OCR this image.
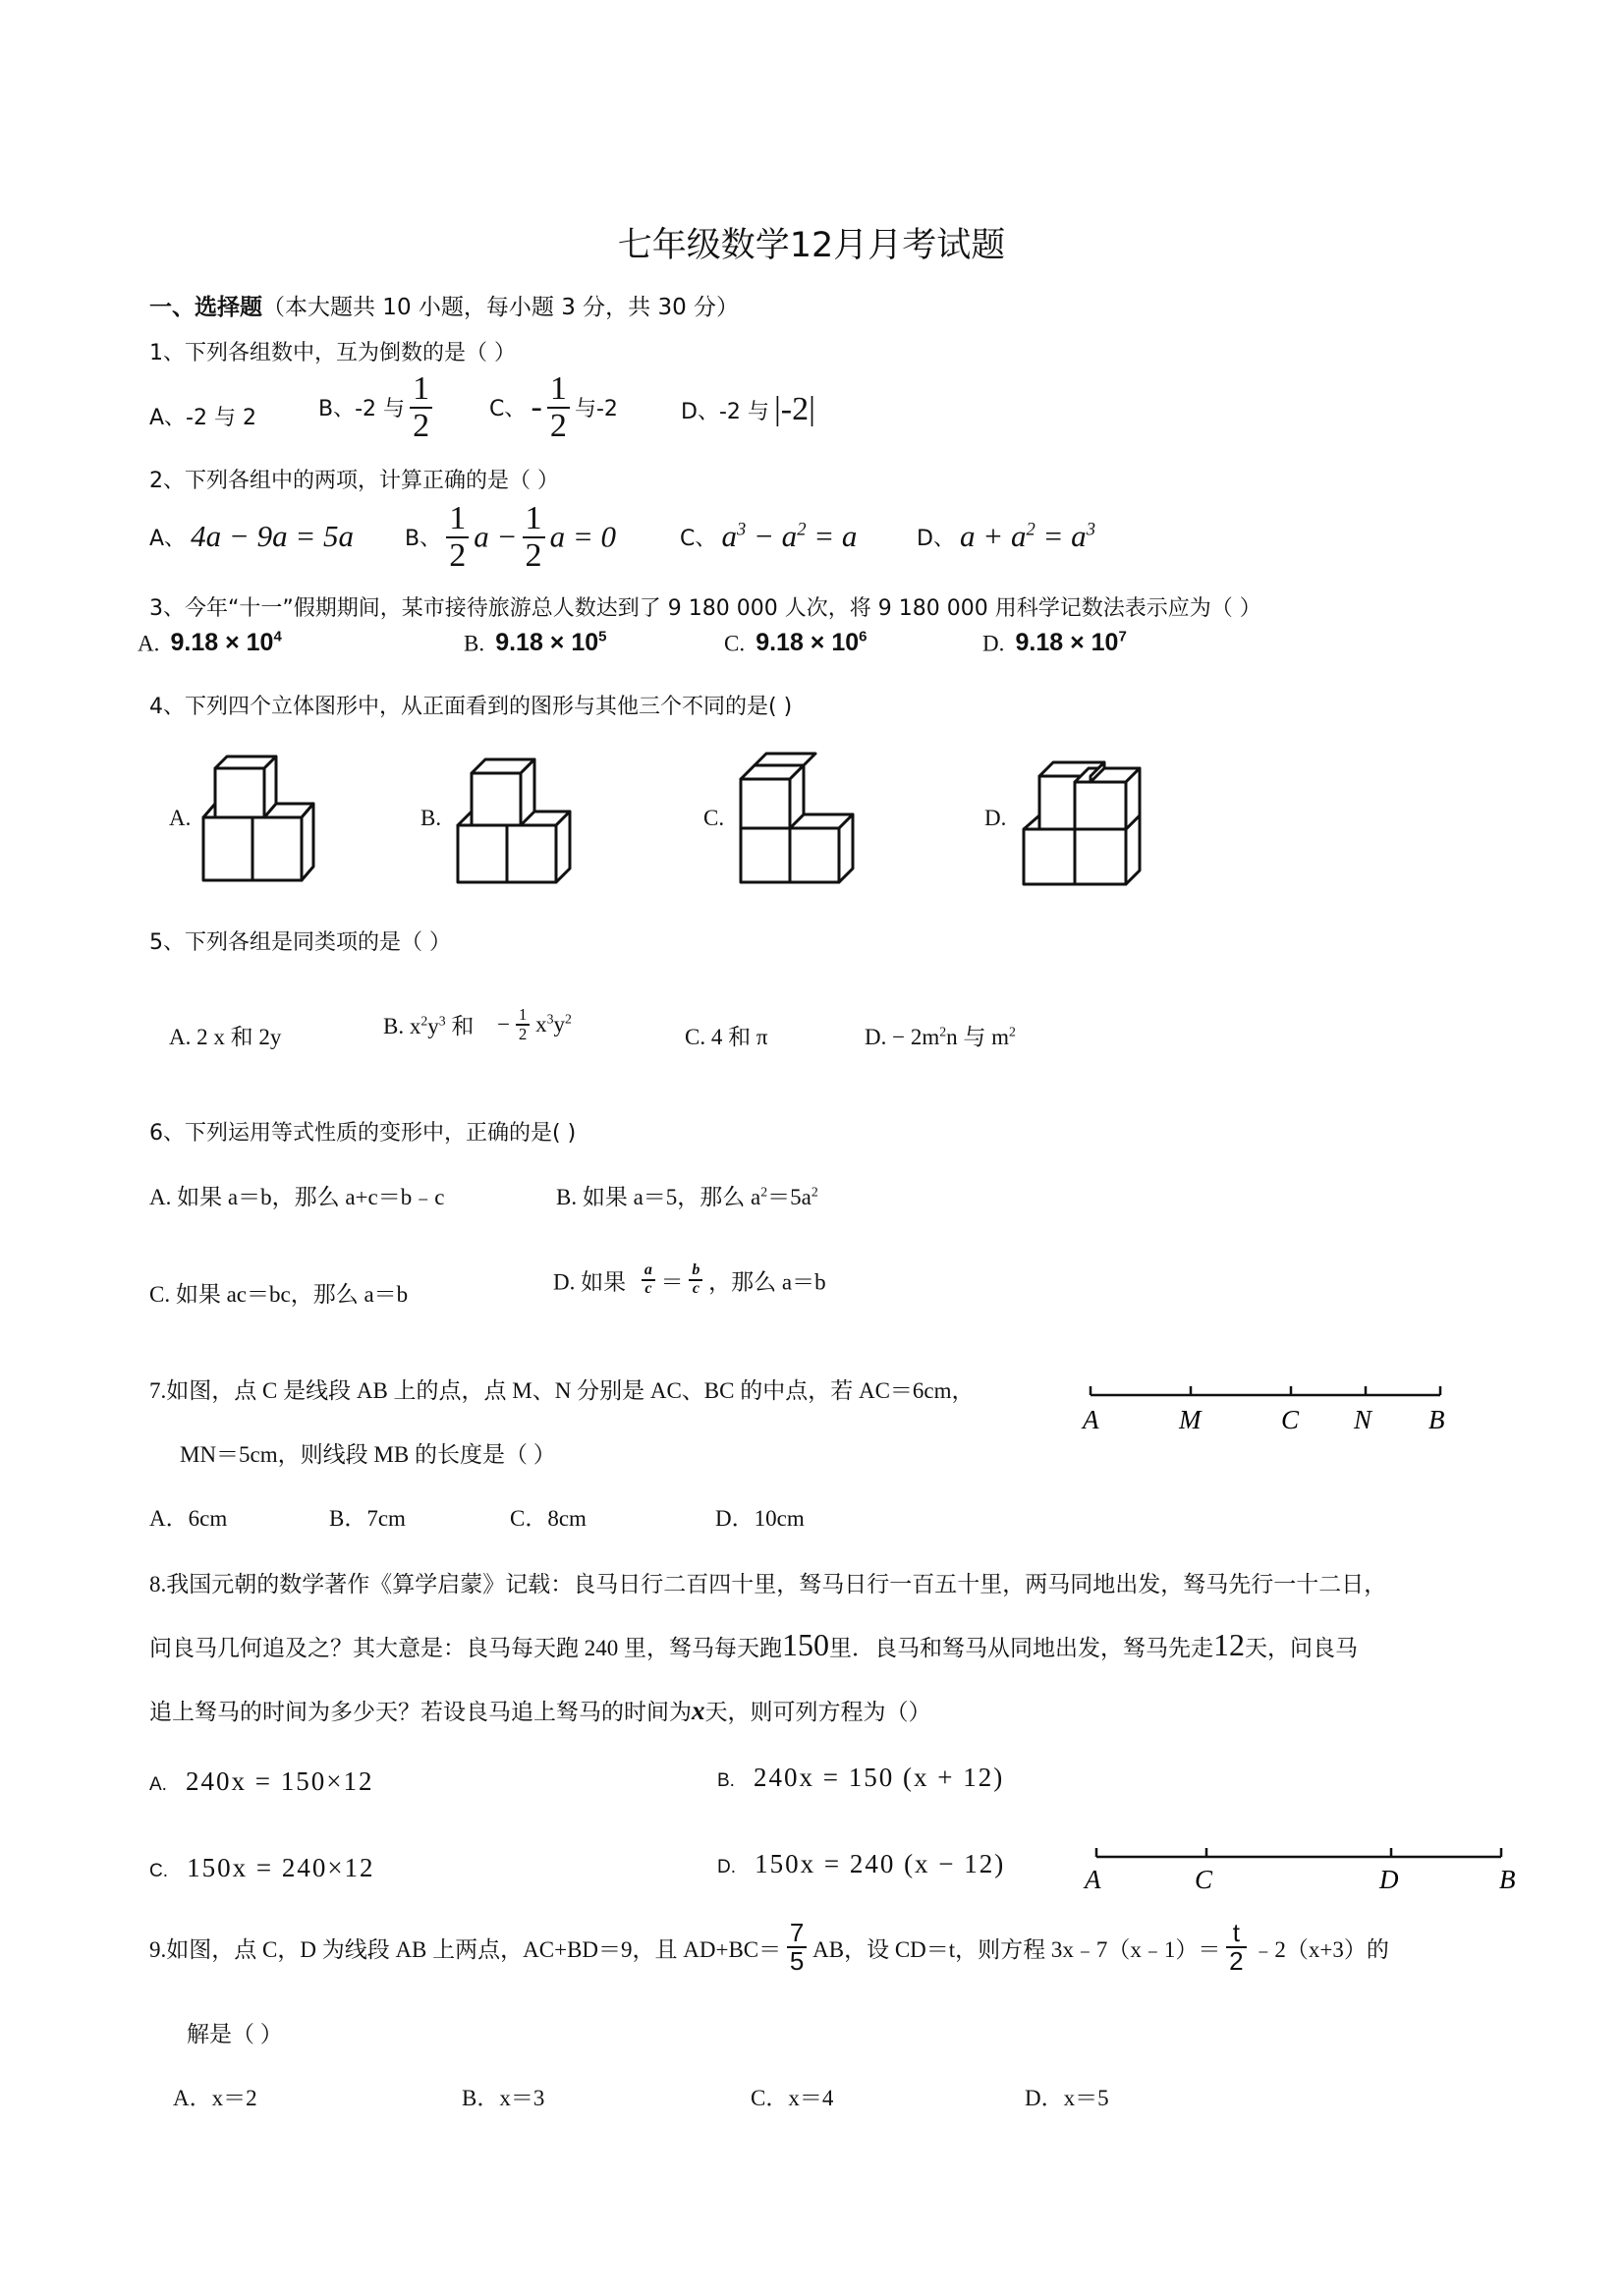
七年级数学12月月考试题
一、选择题（本大题共 10 小题，每小题 3 分，共 30 分）
1、下列各组数中，互为倒数的是（ ）
A、-2 与 2	B、-2 与 $\frac{1}{2}$	C、 - $\frac{1}{2}$ 与-2	D、-2 与 |-2|
2、下列各组中的两项，计算正确的是（ ）
A、 4a − 9a = 5a B、 $\frac{1}{2}$ $a - \frac{1}{2}$ a = 0	C、 $a^3 - a^2 = a$	D、 $a + a^2 = a^3$
3、今年“十一”假期期间，某市接待旅游总人数达到了 9 180 000 人次，将 9 180 000 用科学记数法表示应为（ ）
A. $9.18 \times 10^4$	B. $9.18 \times 10^5$	C. $9.18 \times 10^6$	D. $9.18 \times 10^7$
4、下列四个立体图形中，从正面看到的图形与其他三个不同的是( )
A.	B.	C.	D.
5、下列各组是同类项的是（ ）
A. 2 x 和 2y	B. $x^2y^3$ 和 − $\frac{1}{2} x^3y^2$
C. 4 和 π	D. − $2m^2n$ 与 $m^2$
6、下列运用等式性质的变形中，正确的是( )
A. 如果 a＝b，那么 a+c＝b﹣c	B. 如果 a＝5，那么 $a^2=5a^2$
C. 如果 ac＝bc，那么 a＝b
D. 如果 $\frac{a}{c} = \frac{b}{c}$ ，那么 a＝b
7.如图，点 C 是线段 AB 上的点，点 M、N 分别是 AC、BC 的中点，若 AC＝6cm，
MN＝5cm，则线段 MB 的长度是（ ）
A．6cm	B．7cm	C．8cm	D．10cm
A	M	C N B
8.我国元朝的数学著作《算学启蒙》记载：良马日行二百四十里，驽马日行一百五十里，两马同地出发，驽马先行一十二日，
问良马几何追及之？其大意是：良马每天跑 240 里，驽马每天跑150里．良马和驽马从同地出发，驽马先走12天，问良马
追上驽马的时间为多少天？若设良马追上驽马的时间为x天，则可列方程为（）
A. 240x = 150×12	B. 240x = 150 (x + 12)
C. 150x = 240×12	D. 150x = 240 (x − 12)
A	C	D	B
9.如图，点 C，D 为线段 AB 上两点，AC+BD＝9，且 $AD+BC= \frac{7}{5}$ AB，设 CD＝t，则方程 3x﹣7（x﹣1）＝ $\frac{t}{2}$ ﹣2（x+3）的
解是（ ）
A．x＝2	B．x＝3	C．x＝4	D．x＝5
